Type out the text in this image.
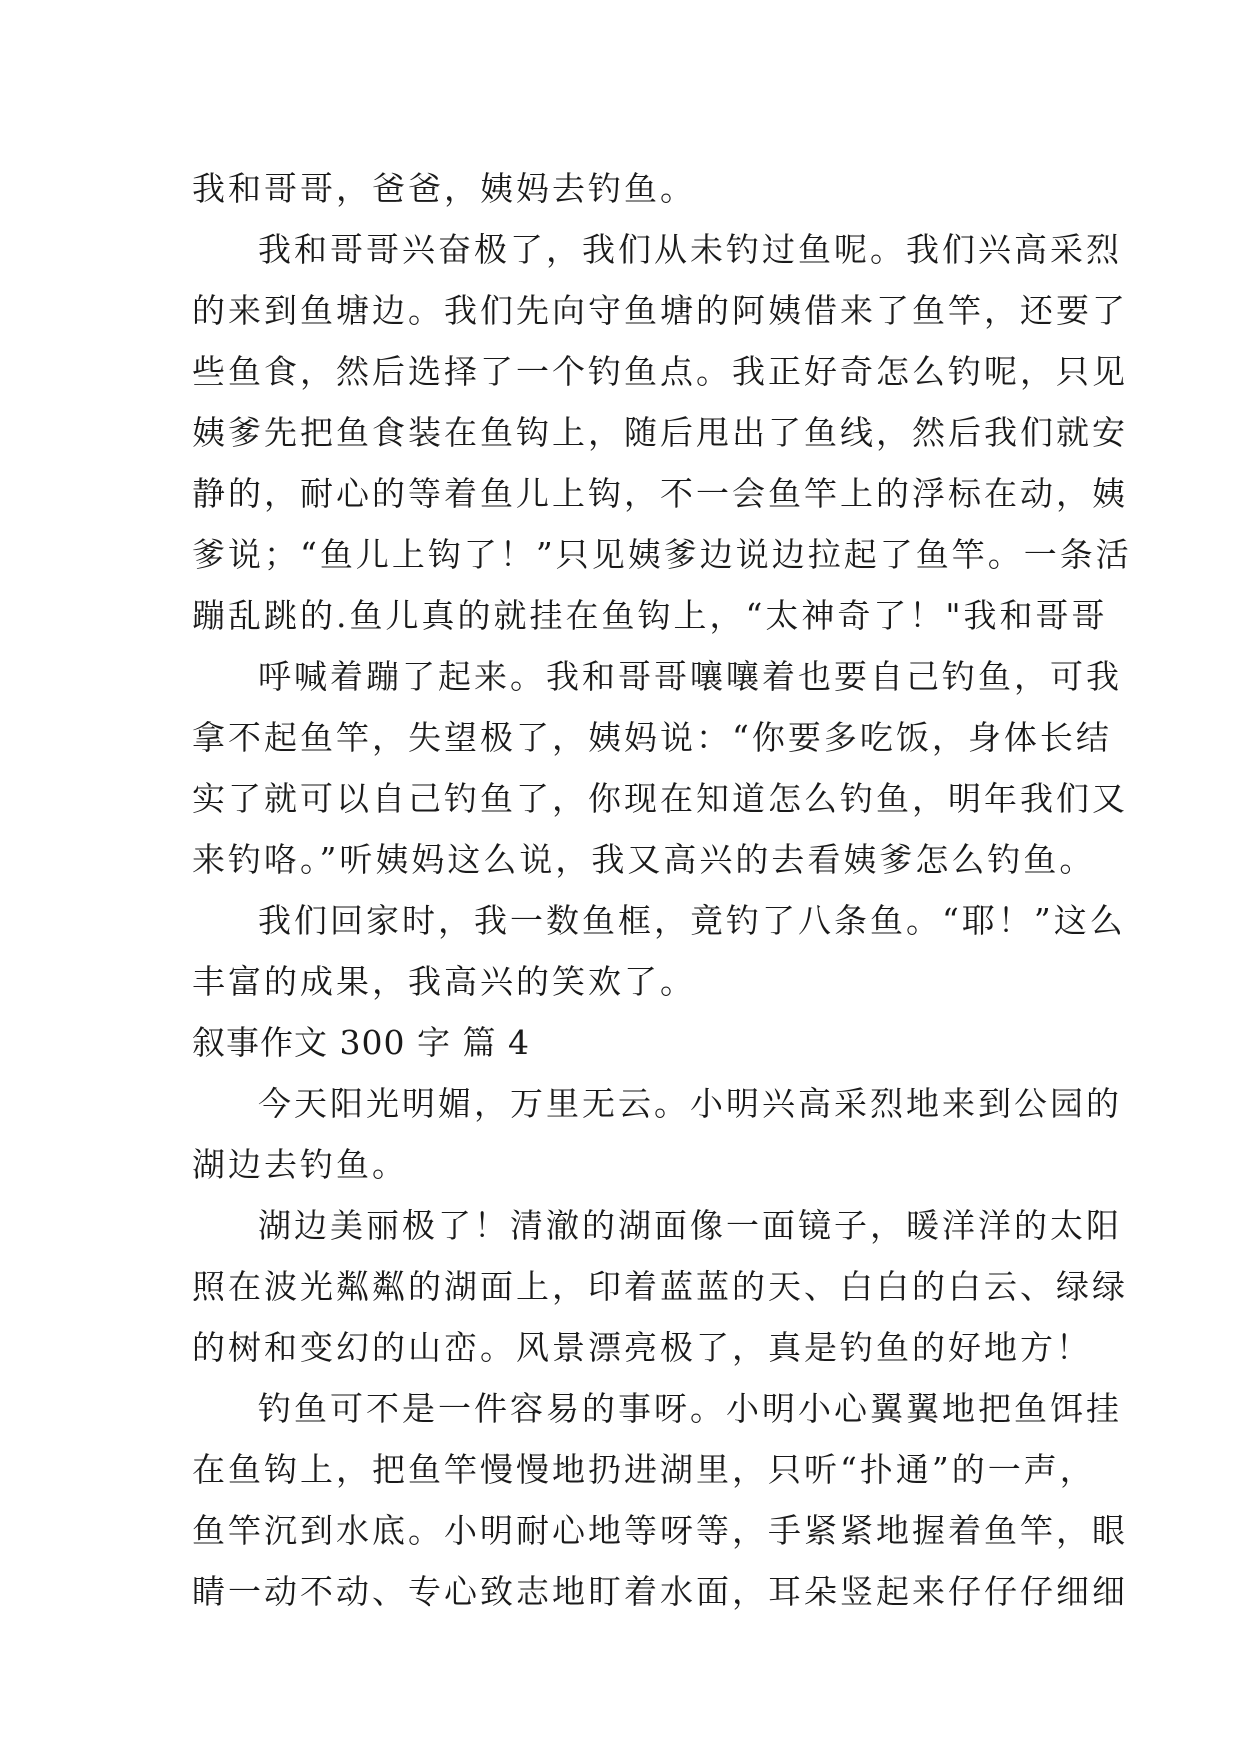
我和哥哥，爸爸，姨妈去钓鱼。
我和哥哥兴奋极了，我们从未钓过鱼呢。我们兴高采烈
的来到鱼塘边。我们先向守鱼塘的阿姨借来了鱼竿，还要了
些鱼食，然后选择了一个钓鱼点。我正好奇怎么钓呢，只见
姨爹先把鱼食装在鱼钩上，随后甩出了鱼线，然后我们就安
静的，耐心的等着鱼儿上钩，不一会鱼竿上的浮标在动，姨
爹说；“鱼儿上钩了！”只见姨爹边说边拉起了鱼竿。一条活
蹦乱跳的.鱼儿真的就挂在鱼钩上，“太神奇了！"我和哥哥
呼喊着蹦了起来。我和哥哥嚷嚷着也要自己钓鱼，可我
拿不起鱼竿，失望极了，姨妈说：“你要多吃饭，身体长结
实了就可以自己钓鱼了，你现在知道怎么钓鱼，明年我们又
来钓咯。”听姨妈这么说，我又高兴的去看姨爹怎么钓鱼。
我们回家时，我一数鱼框，竟钓了八条鱼。“耶！”这么
丰富的成果，我高兴的笑欢了。
叙事作文 300 字 篇 4
今天阳光明媚，万里无云。小明兴高采烈地来到公园的
湖边去钓鱼。
湖边美丽极了！清澈的湖面像一面镜子，暖洋洋的太阳
照在波光粼粼的湖面上，印着蓝蓝的天、白白的白云、绿绿
的树和变幻的山峦。风景漂亮极了，真是钓鱼的好地方！
钓鱼可不是一件容易的事呀。小明小心翼翼地把鱼饵挂
在鱼钩上，把鱼竿慢慢地扔进湖里，只听“扑通”的一声，
鱼竿沉到水底。小明耐心地等呀等，手紧紧地握着鱼竿，眼
睛一动不动、专心致志地盯着水面，耳朵竖起来仔仔仔细细
